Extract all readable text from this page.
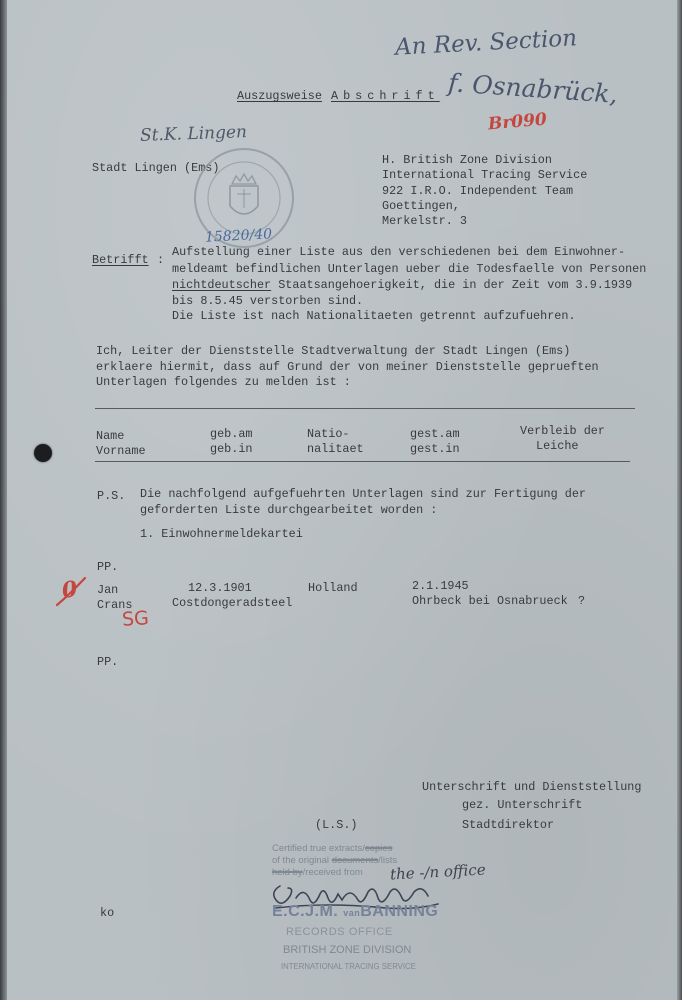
An Rev. Section
f. Osnabrück,
Br090
Auszugsweise Abschrift
St.K. Lingen
Stadt Lingen (Ems)
15820/40
H. British Zone Division
International Tracing Service
922 I.R.O. Independent Team
Goettingen,
Merkelstr. 3
Betrifft :
Aufstellung einer Liste aus den verschiedenen bei dem Einwohner-
meldeamt befindlichen Unterlagen ueber die Todesfaelle von Personen
nichtdeutscher Staatsangehoerigkeit, die in der Zeit vom 3.9.1939
bis 8.5.45 verstorben sind.
Die Liste ist nach Nationalitaeten getrennt aufzufuehren.
Ich, Leiter der Dienststelle Stadtverwaltung der Stadt Lingen (Ems)
erklaere hiermit, dass auf Grund der von meiner Dienststelle geprueften
Unterlagen folgendes zu melden ist :
Name
Vorname
geb.am
geb.in
Natio-
nalitaet
gest.am
gest.in
Verbleib der
Leiche
P.S. Die nachfolgend aufgefuehrten Unterlagen sind zur Fertigung der
geforderten Liste durchgearbeitet worden :
1. Einwohnermeldekartei
PP.
0 Jan
Crans
12.3.1901
Costdongeradsteel
Holland	2.1.1945
Ohrbeck bei Osnabrueck ?
SG
PP.
Unterschrift und Dienststellung
gez. Unterschrift
Stadtdirektor
(L.S.)
Certified true extracts/copies
of the original documents/lists
held by/received from the -/n office
E.C.J.M. vanBANNING
RECORDS OFFICE
BRITISH ZONE DIVISION
INTERNATIONAL TRACING SERVICE
ko
